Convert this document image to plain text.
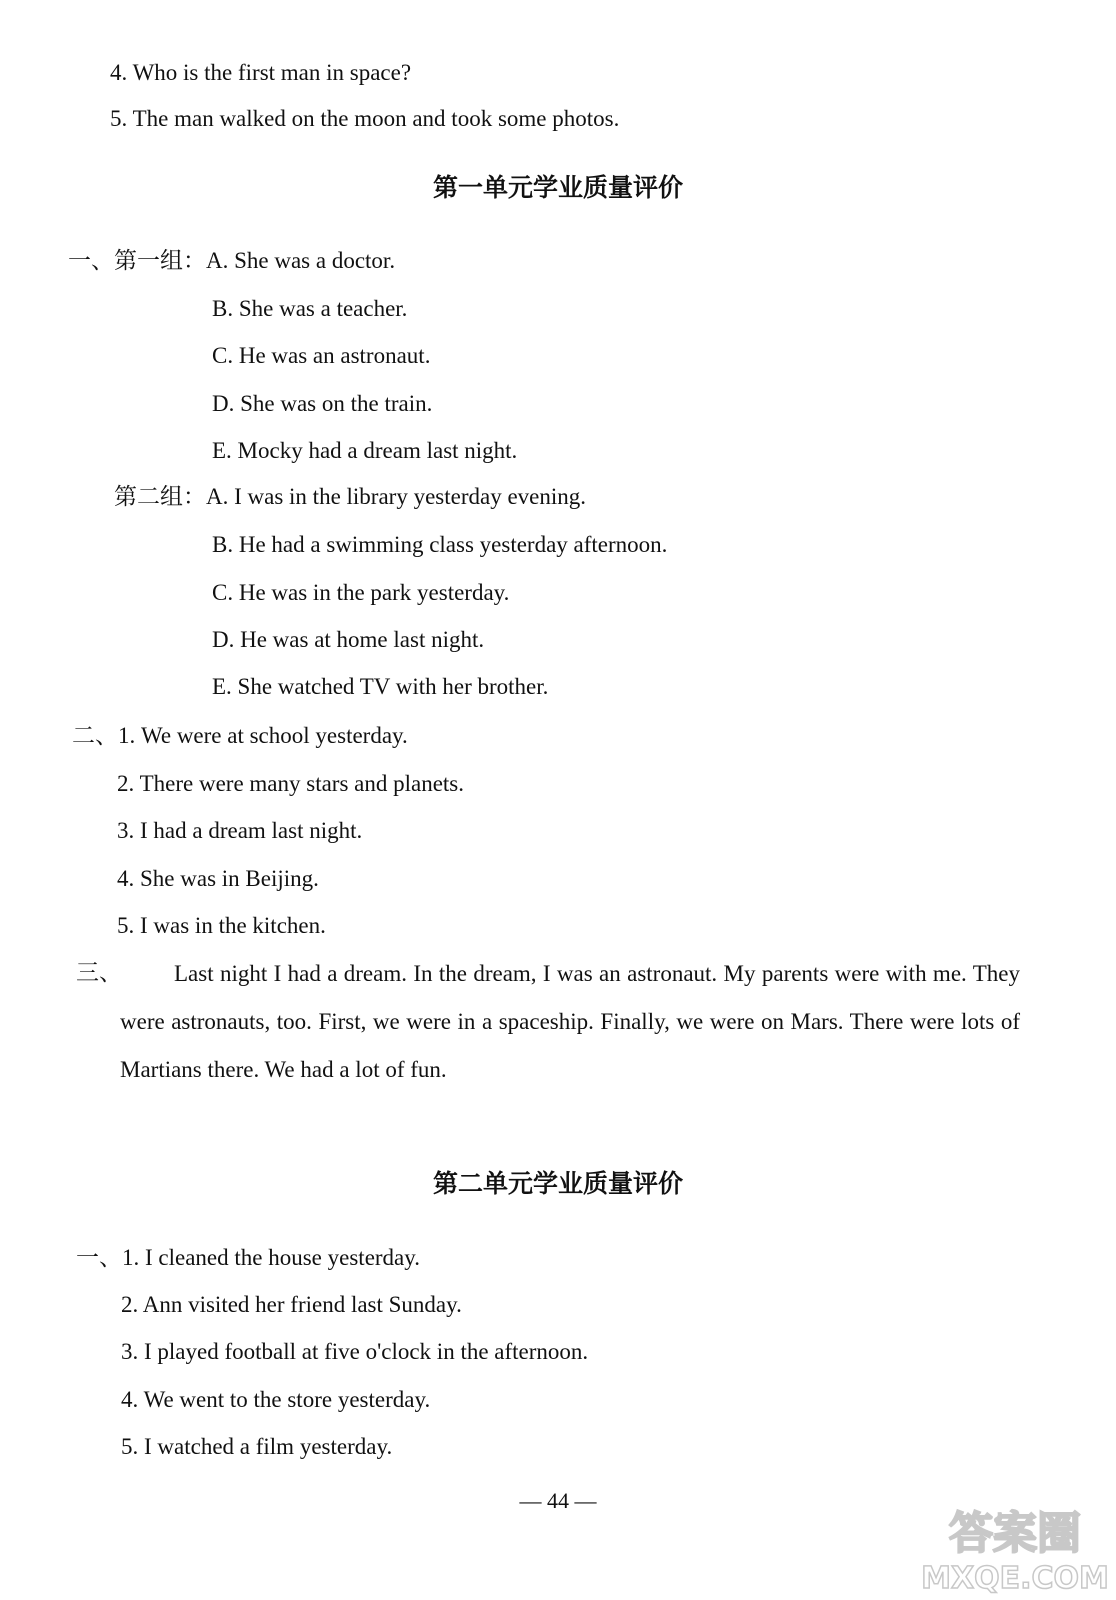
4. Who is the first man in space?
5. The man walked on the moon and took some photos.
第一单元学业质量评价
一、第一组：A. She was a doctor.
B. She was a teacher.
C. He was an astronaut.
D. She was on the train.
E. Mocky had a dream last night.
第二组：A. I was in the library yesterday evening.
B. He had a swimming class yesterday afternoon.
C. He was in the park yesterday.
D. He was at home last night.
E. She watched TV with her brother.
二、1. We were at school yesterday.
2. There were many stars and planets.
3. I had a dream last night.
4. She was in Beijing.
5. I was in the kitchen.
三、	Last night I had a dream. In the dream, I was an astronaut. My parents were with me. They were astronauts, too. First, we were in a spaceship. Finally, we were on Mars. There were lots of Martians there. We had a lot of fun.
第二单元学业质量评价
一、1. I cleaned the house yesterday.
2. Ann visited her friend last Sunday.
3. I played football at five o'clock in the afternoon.
4. We went to the store yesterday.
5. I watched a film yesterday.
— 44 —
答案圈
MXQE.COM
